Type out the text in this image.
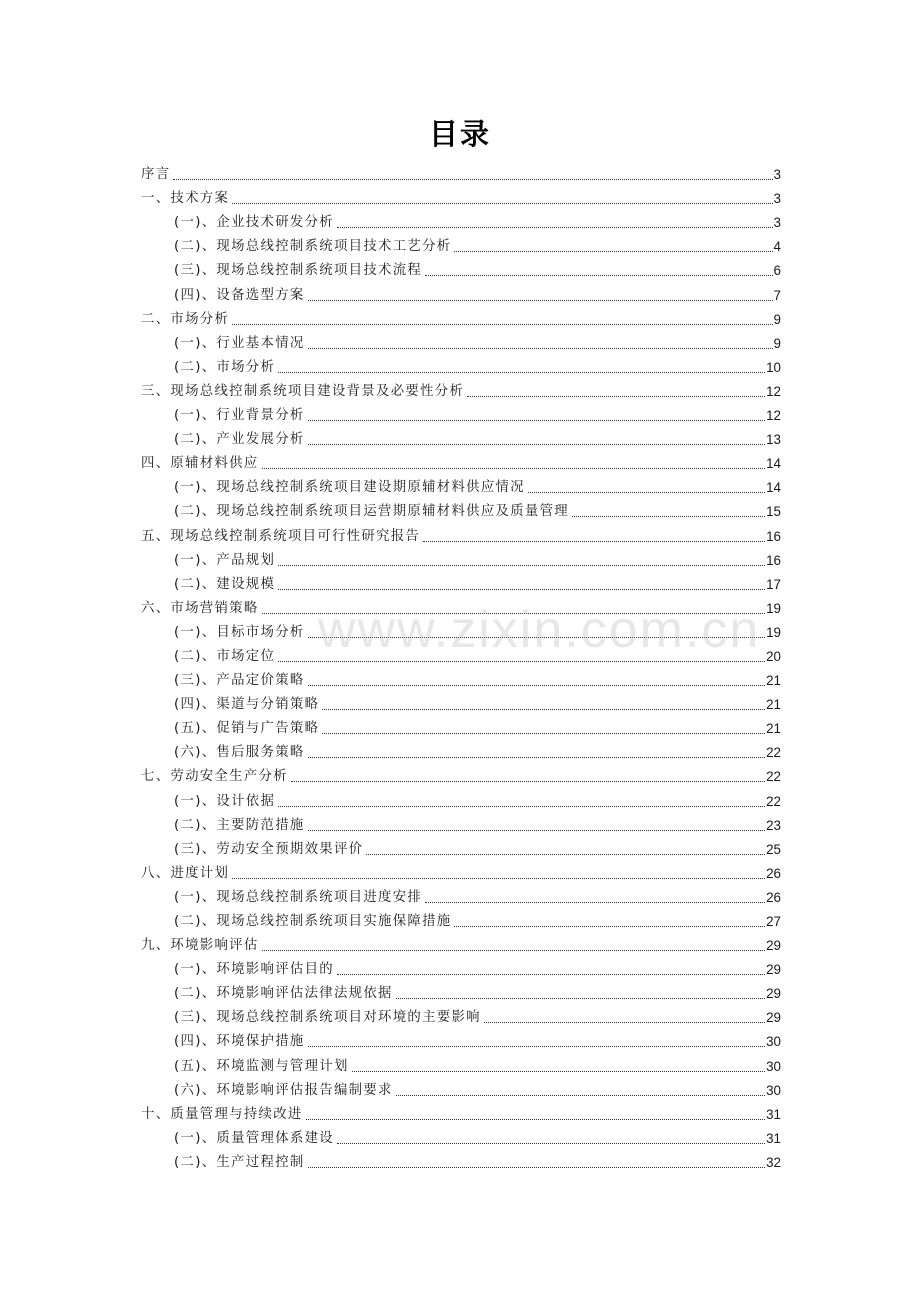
目录
序言	3
一、技术方案	3
(一)、企业技术研发分析	3
(二)、现场总线控制系统项目技术工艺分析	4
(三)、现场总线控制系统项目技术流程	6
(四)、设备选型方案	7
二、市场分析	9
(一)、行业基本情况	9
(二)、市场分析	10
三、现场总线控制系统项目建设背景及必要性分析	12
(一)、行业背景分析	12
(二)、产业发展分析	13
四、原辅材料供应	14
(一)、现场总线控制系统项目建设期原辅材料供应情况	14
(二)、现场总线控制系统项目运营期原辅材料供应及质量管理	15
五、现场总线控制系统项目可行性研究报告	16
(一)、产品规划	16
(二)、建设规模	17
六、市场营销策略	19
(一)、目标市场分析	19
(二)、市场定位	20
(三)、产品定价策略	21
(四)、渠道与分销策略	21
(五)、促销与广告策略	21
(六)、售后服务策略	22
七、劳动安全生产分析	22
(一)、设计依据	22
(二)、主要防范措施	23
(三)、劳动安全预期效果评价	25
八、进度计划	26
(一)、现场总线控制系统项目进度安排	26
(二)、现场总线控制系统项目实施保障措施	27
九、环境影响评估	29
(一)、环境影响评估目的	29
(二)、环境影响评估法律法规依据	29
(三)、现场总线控制系统项目对环境的主要影响	29
(四)、环境保护措施	30
(五)、环境监测与管理计划	30
(六)、环境影响评估报告编制要求	30
十、质量管理与持续改进	31
(一)、质量管理体系建设	31
(二)、生产过程控制	32
www.zixin.com.cn
